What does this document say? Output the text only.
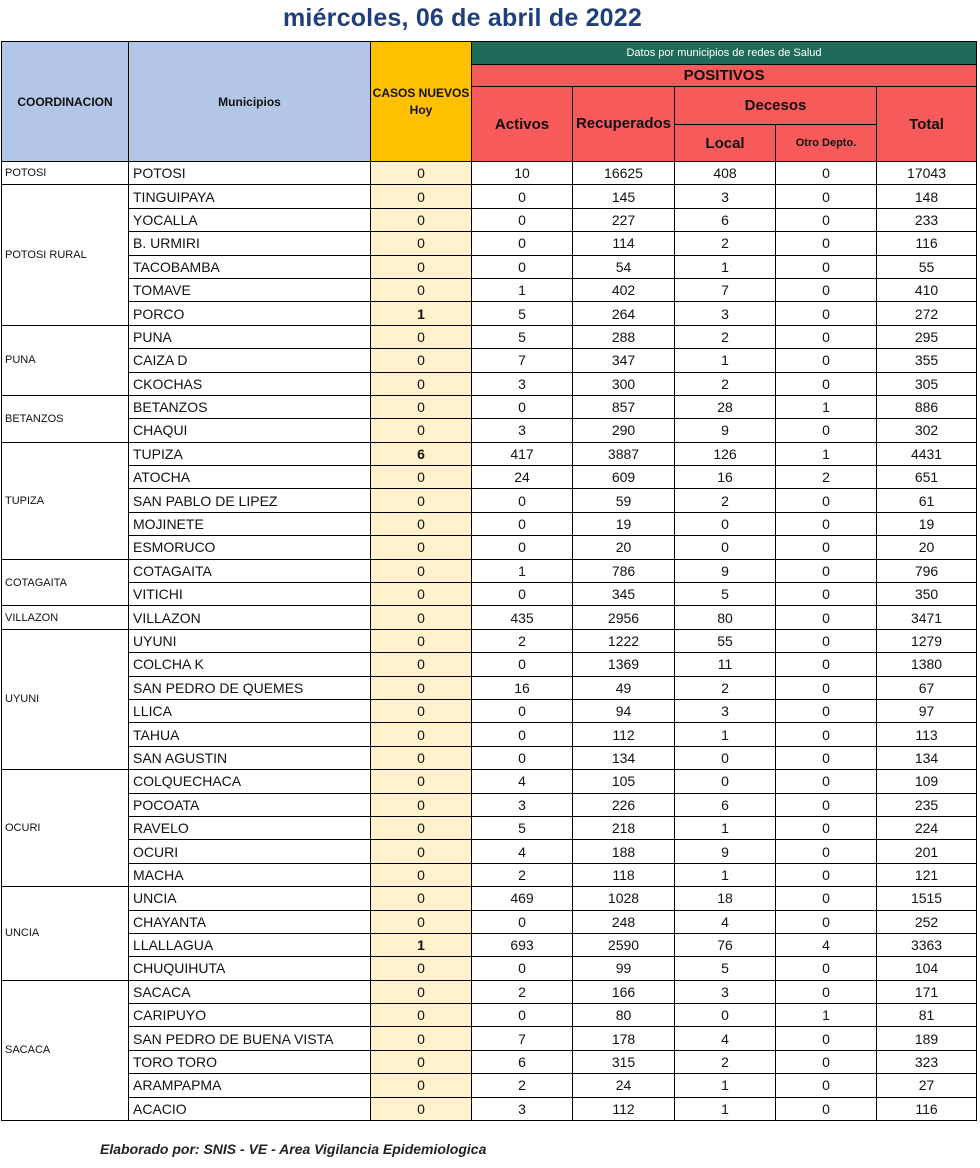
miércoles, 06 de abril de 2022
COORDINACION	Municipios	CASOS NUEVOS Hoy	Datos por municipios de redes de Salud				
			POSITIVOS				
			Activos	Recuperados	Decesos		Total
					Local	Otro Depto.	
POTOSI	POTOSI	0	10	16625	408	0	17043
POTOSI RURAL	TINGUIPAYA	0	0	145	3	0	148
	YOCALLA	0	0	227	6	0	233
	B. URMIRI	0	0	114	2	0	116
	TACOBAMBA	0	0	54	1	0	55
	TOMAVE	0	1	402	7	0	410
	PORCO	1	5	264	3	0	272
PUNA	PUNA	0	5	288	2	0	295
	CAIZA D	0	7	347	1	0	355
	CKOCHAS	0	3	300	2	0	305
BETANZOS	BETANZOS	0	0	857	28	1	886
	CHAQUI	0	3	290	9	0	302
TUPIZA	TUPIZA	6	417	3887	126	1	4431
	ATOCHA	0	24	609	16	2	651
	SAN PABLO DE LIPEZ	0	0	59	2	0	61
	MOJINETE	0	0	19	0	0	19
	ESMORUCO	0	0	20	0	0	20
COTAGAITA	COTAGAITA	0	1	786	9	0	796
	VITICHI	0	0	345	5	0	350
VILLAZON	VILLAZON	0	435	2956	80	0	3471
UYUNI	UYUNI	0	2	1222	55	0	1279
	COLCHA K	0	0	1369	11	0	1380
	SAN PEDRO DE QUEMES	0	16	49	2	0	67
	LLICA	0	0	94	3	0	97
	TAHUA	0	0	112	1	0	113
	SAN AGUSTIN	0	0	134	0	0	134
OCURI	COLQUECHACA	0	4	105	0	0	109
	POCOATA	0	3	226	6	0	235
	RAVELO	0	5	218	1	0	224
	OCURI	0	4	188	9	0	201
	MACHA	0	2	118	1	0	121
UNCIA	UNCIA	0	469	1028	18	0	1515
	CHAYANTA	0	0	248	4	0	252
	LLALLAGUA	1	693	2590	76	4	3363
	CHUQUIHUTA	0	0	99	5	0	104
SACACA	SACACA	0	2	166	3	0	171
	CARIPUYO	0	0	80	0	1	81
	SAN PEDRO DE BUENA VISTA	0	7	178	4	0	189
	TORO TORO	0	6	315	2	0	323
	ARAMPAPMA	0	2	24	1	0	27
	ACACIO	0	3	112	1	0	116
Elaborado por: SNIS - VE - Area Vigilancia Epidemiologica
